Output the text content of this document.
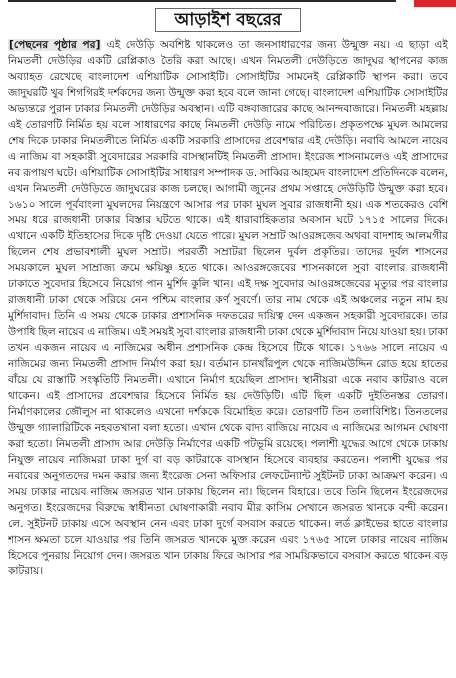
আড়াইশ বছরের

[পেছনের পৃষ্ঠার পর] এই দেউড়ি অবশিষ্ট থাকলেও তা জনসাধারণের জন্য উন্মুক্ত নয়। এ ছাড়া এই নিমতলী দেউড়ির একটি রেপ্লিকাও তৈরি করা আছে। এখন নিমতলী দেউড়িতে জাদুঘর স্থাপনের কাজ অব্যাহত রেখেছে বাংলাদেশ এশিয়াটিক সোসাইটি। সোসাইটির সামনেই রেপ্লিকাটি স্থাপন করা। তবে জাদুঘরটি খুব শিগগিরই দর্শকদের জন্য উন্মুক্ত করা হবে বলে জানা গেছে। বাংলাদেশ এশিয়াটিক সোসাইটির অভ্যন্তরে পুরান ঢাকার নিমতলী দেউড়ির অবস্থান। এটি বঙ্গবাজারের কাছে আনন্দবাজারে। নিমতলী মহল্লায় এই তোরণটি নির্মিত হয় বলে সাধারণের কাছে নিমতলী দেউড়ি নামে পরিচিত। প্রকৃতপক্ষে মুঘল আমলের শেষ দিকে ঢাকার নিমতলীতে নির্মিত একটি সরকারি প্রাসাদের প্রবেশদ্বার এই দেউড়ি। নবাবি আমলে নায়েব এ নাজিম বা সহকারী সুবেদারের সরকারি বাসস্থানটিই নিমতলী প্রাসাদ। ইংরেজ শাসনামলেও এই প্রাসাদের নব রূপায়ণ ঘটে। এশিয়াটিক সোসাইটির সাধারণ সম্পাদক ড. সাব্বির আহমেদ বাংলাদেশ প্রতিদিনকে বলেন, এখন নিমতলী দেউড়িতে জাদুঘরের কাজ চলছে। আগামী জুনের প্রথম সপ্তাহে দেউড়িটি উন্মুক্ত করা হবে। ১৬১০ সালে পূর্ববাংলা মুঘলদের নিয়ন্ত্রণে আসার পর ঢাকা মুঘল সুবার রাজধানী হয়। এক শতকেরও বেশি সময় ধরে রাজধানী ঢাকার বিস্তার ঘটতে থাকে। এই ধারাবাহিকতার অবসান ঘটে ১৭১৫ সালের দিকে। এখানে একটি ইতিহাসের দিকে দৃষ্টি দেওয়া যেতে পারে। মুঘল সম্রাট আওরঙ্গজেব অথবা বাদশাহ আলমগীর ছিলেন শেষ প্রভাবশালী মুঘল সম্রাট। পরবর্তী সম্রাটরা ছিলেন দুর্বল প্রকৃতির। তাদের দুর্বল শাসনের সময়কালে মুঘল সাম্রাজ্য ক্রমে ক্ষয়িষ্ণু হতে থাকে। আওরঙ্গজেবের শাসনকালে সুবা বাংলার রাজধানী ঢাকাতে সুবেদার হিসেবে নিয়োগ পান মুর্শিদ কুলি খান। এই দক্ষ সুবেদার আওরঙ্গজেবের মৃত্যুর পর বাংলার রাজধানী ঢাকা থেকে সরিয়ে নেন পশ্চিম বাংলার কর্ণ সুবর্ণে। তার নাম থেকে এই অঞ্চলের নতুন নাম হয় মুর্শিদাবাদ। তিনি এ সময় থেকে ঢাকার প্রশাসনিক দফতরের দায়িত্ব দেন একজন সহকারী সুবেদারকে। তার উপাধি ছিল নায়েব এ নাজিম। এই সময়ই সুবা বাংলার রাজধানী ঢাকা থেকে মুর্শিদাবাদ নিয়ে যাওয়া হয়। ঢাকা তখন একজন নায়েব এ নাজিমের অধীন প্রশাসনিক কেন্দ্র হিসেবে টিকে থাকে। ১৭৬৬ সালে নায়েব এ নাজিমের জন্য নিমতলী প্রাসাদ নির্মাণ করা হয়। বর্তমান চানখাঁরপুল থেকে নাজিমউদ্দিন রোড হয়ে হাতের বাঁয়ে যে রাস্তাটি সংস্কৃতিটি নিমতলী। এখানে নির্মাণ হয়েছিল প্রাসাদ। স্থানীয়রা একে নবাব কাটরাও বলে থাকেন। এই প্রাসাদের প্রবেশদ্বার হিসেবে নির্মিত হয় দেউড়িটি। এটি ছিল একটি দুইতিনস্তর তোরণ। নির্মাণকালের জৌলুস না থাকলেও এখনো দর্শককে বিমোহিত করে। তোরণটি তিন তলাবিশিষ্ট। তিনতলের উন্মুক্ত গ্যালারিটিকে নহবতখানা বলা হতো। এখান থেকে বাদ্য বাজিয়ে নায়েব এ নাজিমের আগমন ঘোষণা করা হতো। নিমতলী প্রাসাদ আর দেউড়ি নির্মাণের একটি পটভূমি রয়েছে। পলাশী যুদ্ধের আগে থেকে ঢাকায় নিযুক্ত নায়েব নাজিমরা ঢাকা দুর্গ বা বড় কাটরাকে বাসস্থান হিসেবে ব্যবহার করতেন। পলাশী যুদ্ধের পর নবাবের অনুগতদের দমন করার জন্য ইংরেজ সেনা অফিসার লেফটেন্যান্ট সুইটনট ঢাকা আক্রমণ করেন। এ সময় ঢাকার নায়েব নাজিম জসরত খান ঢাকায় ছিলেন না। ছিলেন বিহারে। তবে তিনি ছিলেন ইংরেজদের অনুগত। ইংরেজদের বিরুদ্ধে স্বাধীনতা ঘোষণাকারী নবাব মীর কাসিম সেখানে জসরত খানকে বন্দী করেন। লে. সুইটনট ঢাকায় এসে অবস্থান নেন এবং ঢাকা দুর্গে বসবাস করতে থাকেন। লর্ড ক্লাইভের হাতে বাংলার শাসন ক্ষমতা চলে যাওয়ার পর তিনি জসরত খানকে মুক্ত করেন এবং ১৭৬৫ সালে ঢাকার নায়েব নাজিম হিসেবে পুনরায় নিয়োগ দেন। জসরত খান ঢাকায় ফিরে আসার পর সাময়িকভাবে বসবাস করতে থাকেন বড় কাটরায়।
